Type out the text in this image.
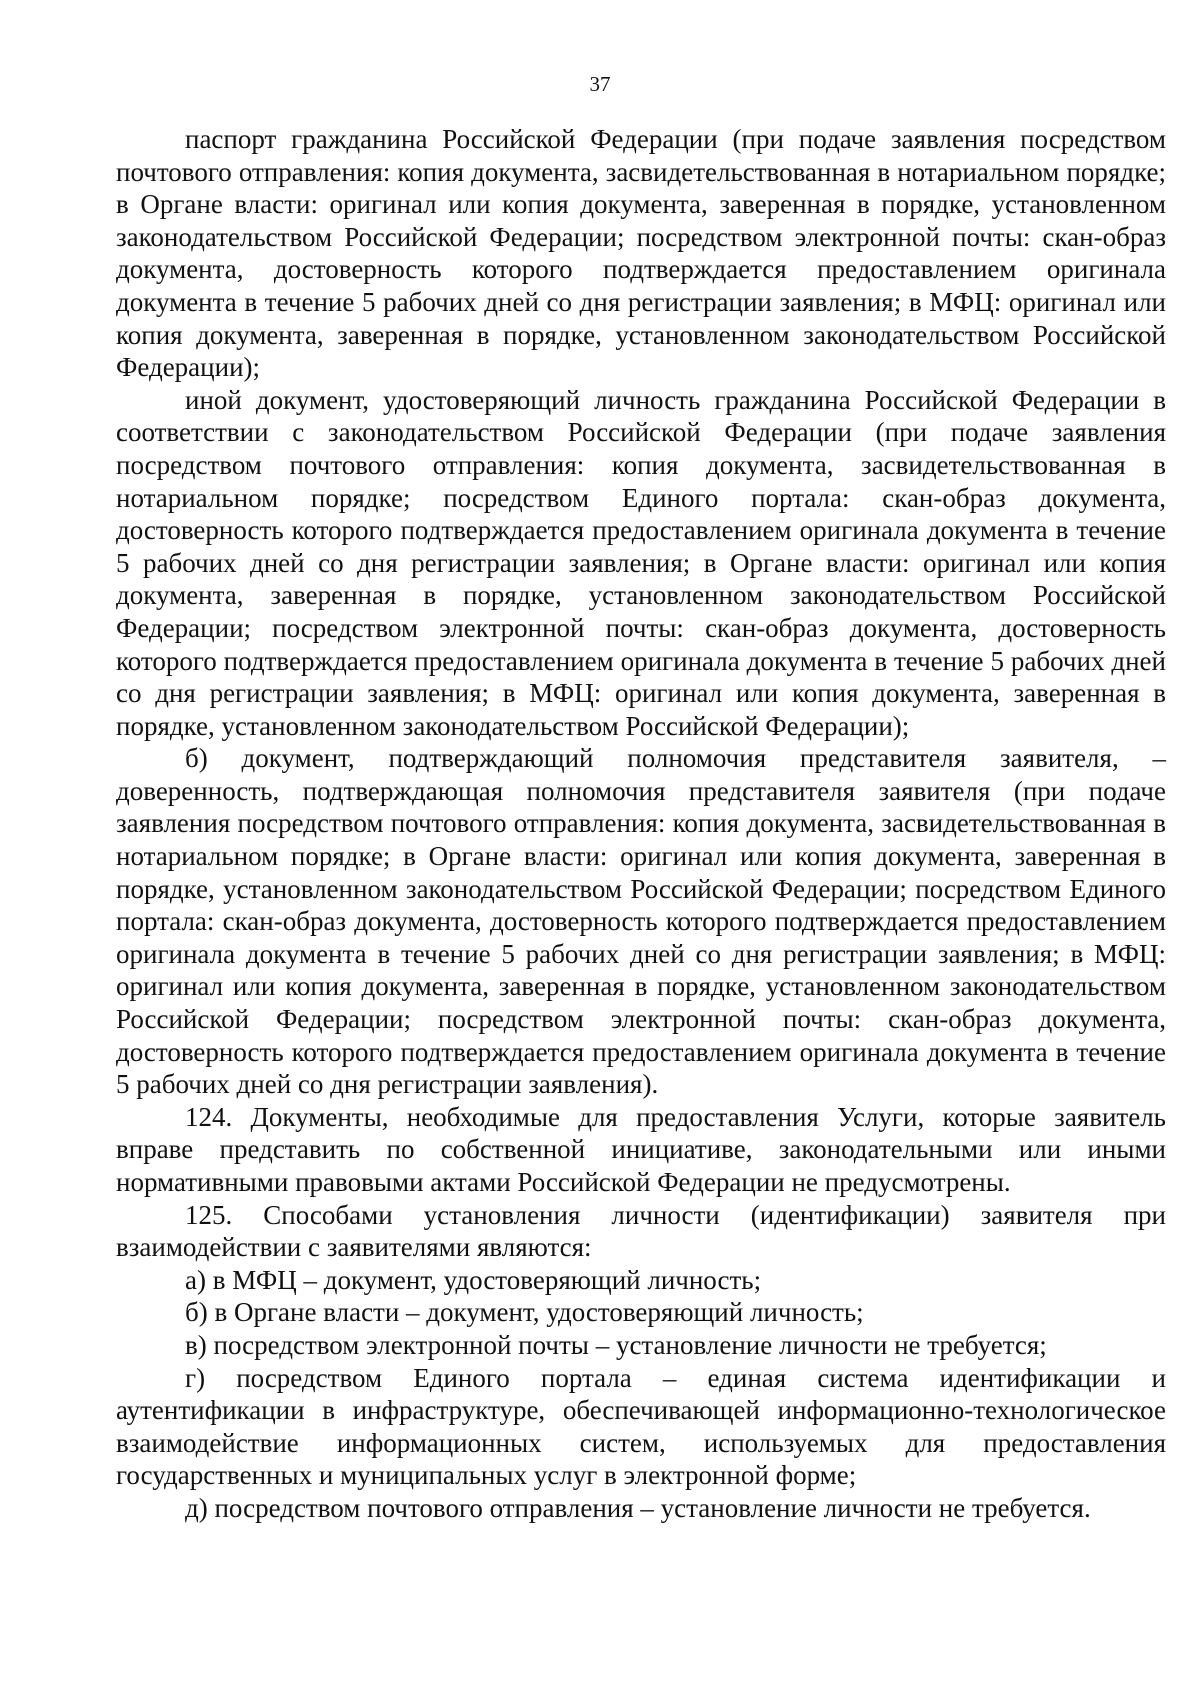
37

паспорт гражданина Российской Федерации (при подаче заявления посредством почтового отправления: копия документа, засвидетельствованная в нотариальном порядке; в Органе власти: оригинал или копия документа, заверенная в порядке, установленном законодательством Российской Федерации; посредством электронной почты: скан-образ документа, достоверность которого подтверждается предоставлением оригинала документа в течение 5 рабочих дней со дня регистрации заявления; в МФЦ: оригинал или копия документа, заверенная в порядке, установленном законодательством Российской Федерации);

иной документ, удостоверяющий личность гражданина Российской Федерации в соответствии с законодательством Российской Федерации (при подаче заявления посредством почтового отправления: копия документа, засвидетельствованная в нотариальном порядке; посредством Единого портала: скан-образ документа, достоверность которого подтверждается предоставлением оригинала документа в течение 5 рабочих дней со дня регистрации заявления; в Органе власти: оригинал или копия документа, заверенная в порядке, установленном законодательством Российской Федерации; посредством электронной почты: скан-образ документа, достоверность которого подтверждается предоставлением оригинала документа в течение 5 рабочих дней со дня регистрации заявления; в МФЦ: оригинал или копия документа, заверенная в порядке, установленном законодательством Российской Федерации);

б) документ, подтверждающий полномочия представителя заявителя, – доверенность, подтверждающая полномочия представителя заявителя (при подаче заявления посредством почтового отправления: копия документа, засвидетельствованная в нотариальном порядке; в Органе власти: оригинал или копия документа, заверенная в порядке, установленном законодательством Российской Федерации; посредством Единого портала: скан-образ документа, достоверность которого подтверждается предоставлением оригинала документа в течение 5 рабочих дней со дня регистрации заявления; в МФЦ: оригинал или копия документа, заверенная в порядке, установленном законодательством Российской Федерации; посредством электронной почты: скан-образ документа, достоверность которого подтверждается предоставлением оригинала документа в течение 5 рабочих дней со дня регистрации заявления).

124. Документы, необходимые для предоставления Услуги, которые заявитель вправе представить по собственной инициативе, законодательными или иными нормативными правовыми актами Российской Федерации не предусмотрены.

125. Способами установления личности (идентификации) заявителя при взаимодействии с заявителями являются:

а) в МФЦ – документ, удостоверяющий личность;

б) в Органе власти – документ, удостоверяющий личность;

в) посредством электронной почты – установление личности не требуется;

г) посредством Единого портала – единая система идентификации и аутентификации в инфраструктуре, обеспечивающей информационно-технологическое взаимодействие информационных систем, используемых для предоставления государственных и муниципальных услуг в электронной форме;

д) посредством почтового отправления – установление личности не требуется.
